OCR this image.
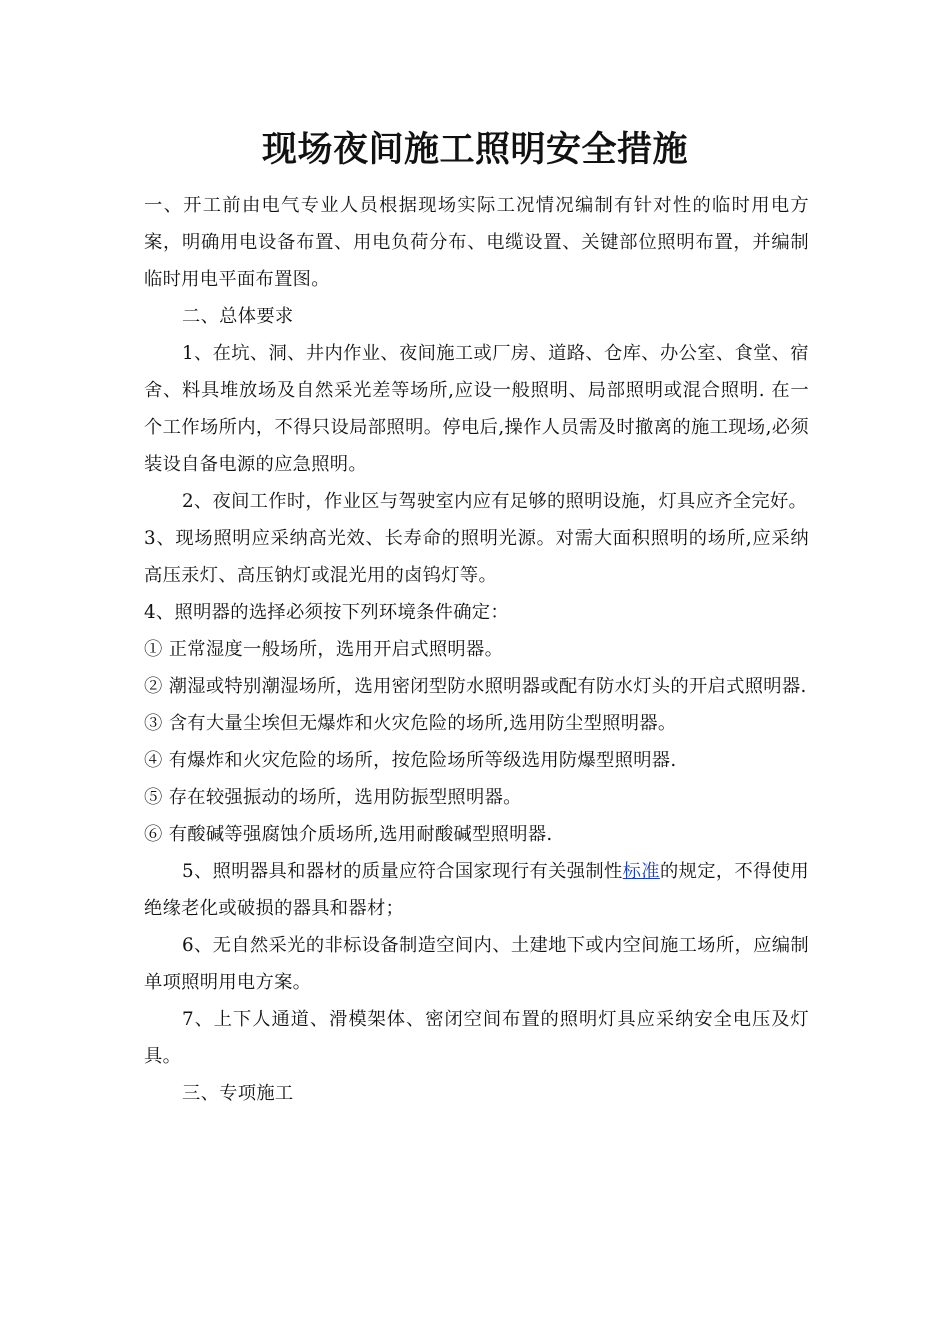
现场夜间施工照明安全措施

一、开工前由电气专业人员根据现场实际工况情况编制有针对性的临时用电方案，明确用电设备布置、用电负荷分布、电缆设置、关键部位照明布置，并编制临时用电平面布置图。

二、总体要求

1、在坑、洞、井内作业、夜间施工或厂房、道路、仓库、办公室、食堂、宿舍、料具堆放场及自然采光差等场所,应设一般照明、局部照明或混合照明. 在一个工作场所内，不得只设局部照明。停电后,操作人员需及时撤离的施工现场,必须装设自备电源的应急照明。

2、夜间工作时，作业区与驾驶室内应有足够的照明设施，灯具应齐全完好。

3、现场照明应采纳高光效、长寿命的照明光源。对需大面积照明的场所,应采纳高压汞灯、高压钠灯或混光用的卤钨灯等。

4、照明器的选择必须按下列环境条件确定：

① 正常湿度一般场所，选用开启式照明器。

② 潮湿或特别潮湿场所，选用密闭型防水照明器或配有防水灯头的开启式照明器.

③ 含有大量尘埃但无爆炸和火灾危险的场所,选用防尘型照明器。

④ 有爆炸和火灾危险的场所，按危险场所等级选用防爆型照明器.

⑤ 存在较强振动的场所，选用防振型照明器。

⑥ 有酸碱等强腐蚀介质场所,选用耐酸碱型照明器.

5、照明器具和器材的质量应符合国家现行有关强制性标准的规定，不得使用绝缘老化或破损的器具和器材；

6、无自然采光的非标设备制造空间内、土建地下或内空间施工场所，应编制单项照明用电方案。

7、上下人通道、滑模架体、密闭空间布置的照明灯具应采纳安全电压及灯具。

三、专项施工
